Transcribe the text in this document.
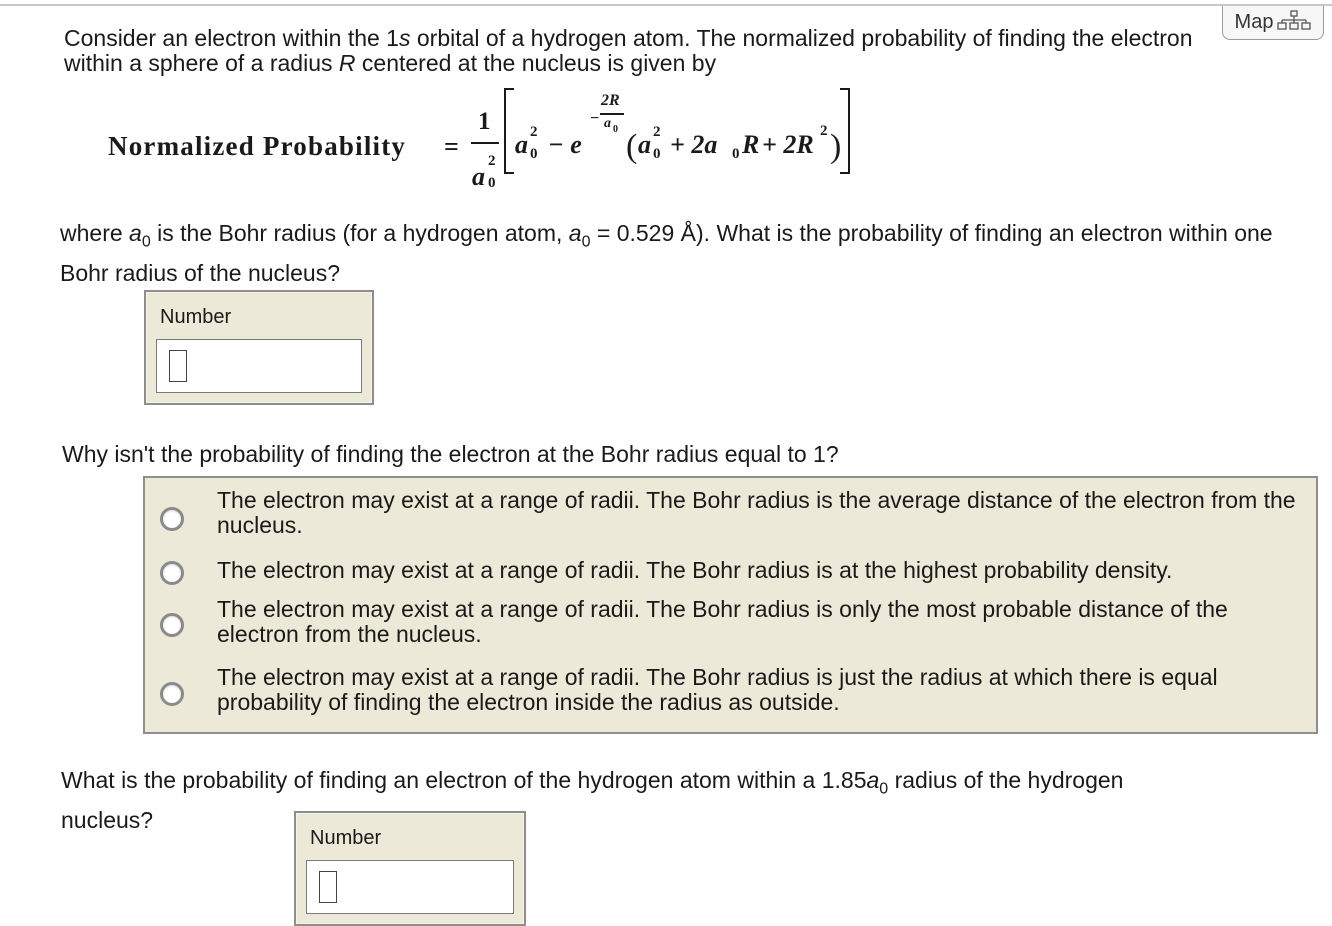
Map
Consider an electron within the 1s orbital of a hydrogen atom. The normalized probability of finding the electron within a sphere of a radius R centered at the nucleus is given by
Normalized Probability =
1
a
2
0
a 2
0 − e
−
2R
a 0 ( a 2
0 + 2a 0 R + 2R 2 )
where $a_0$ is the Bohr radius (for a hydrogen atom, $a_0 = 0.529$ Å). What is the probability of finding an electron within one Bohr radius of the nucleus?
Number
Why isn't the probability of finding the electron at the Bohr radius equal to 1?
The electron may exist at a range of radii. The Bohr radius is the average distance of the electron from the nucleus.
The electron may exist at a range of radii. The Bohr radius is at the highest probability density.
The electron may exist at a range of radii. The Bohr radius is only the most probable distance of the electron from the nucleus.
The electron may exist at a range of radii. The Bohr radius is just the radius at which there is equal probability of finding the electron inside the radius as outside.
What is the probability of finding an electron of the hydrogen atom within a $1.85a_0$ radius of the hydrogen nucleus?
Number
